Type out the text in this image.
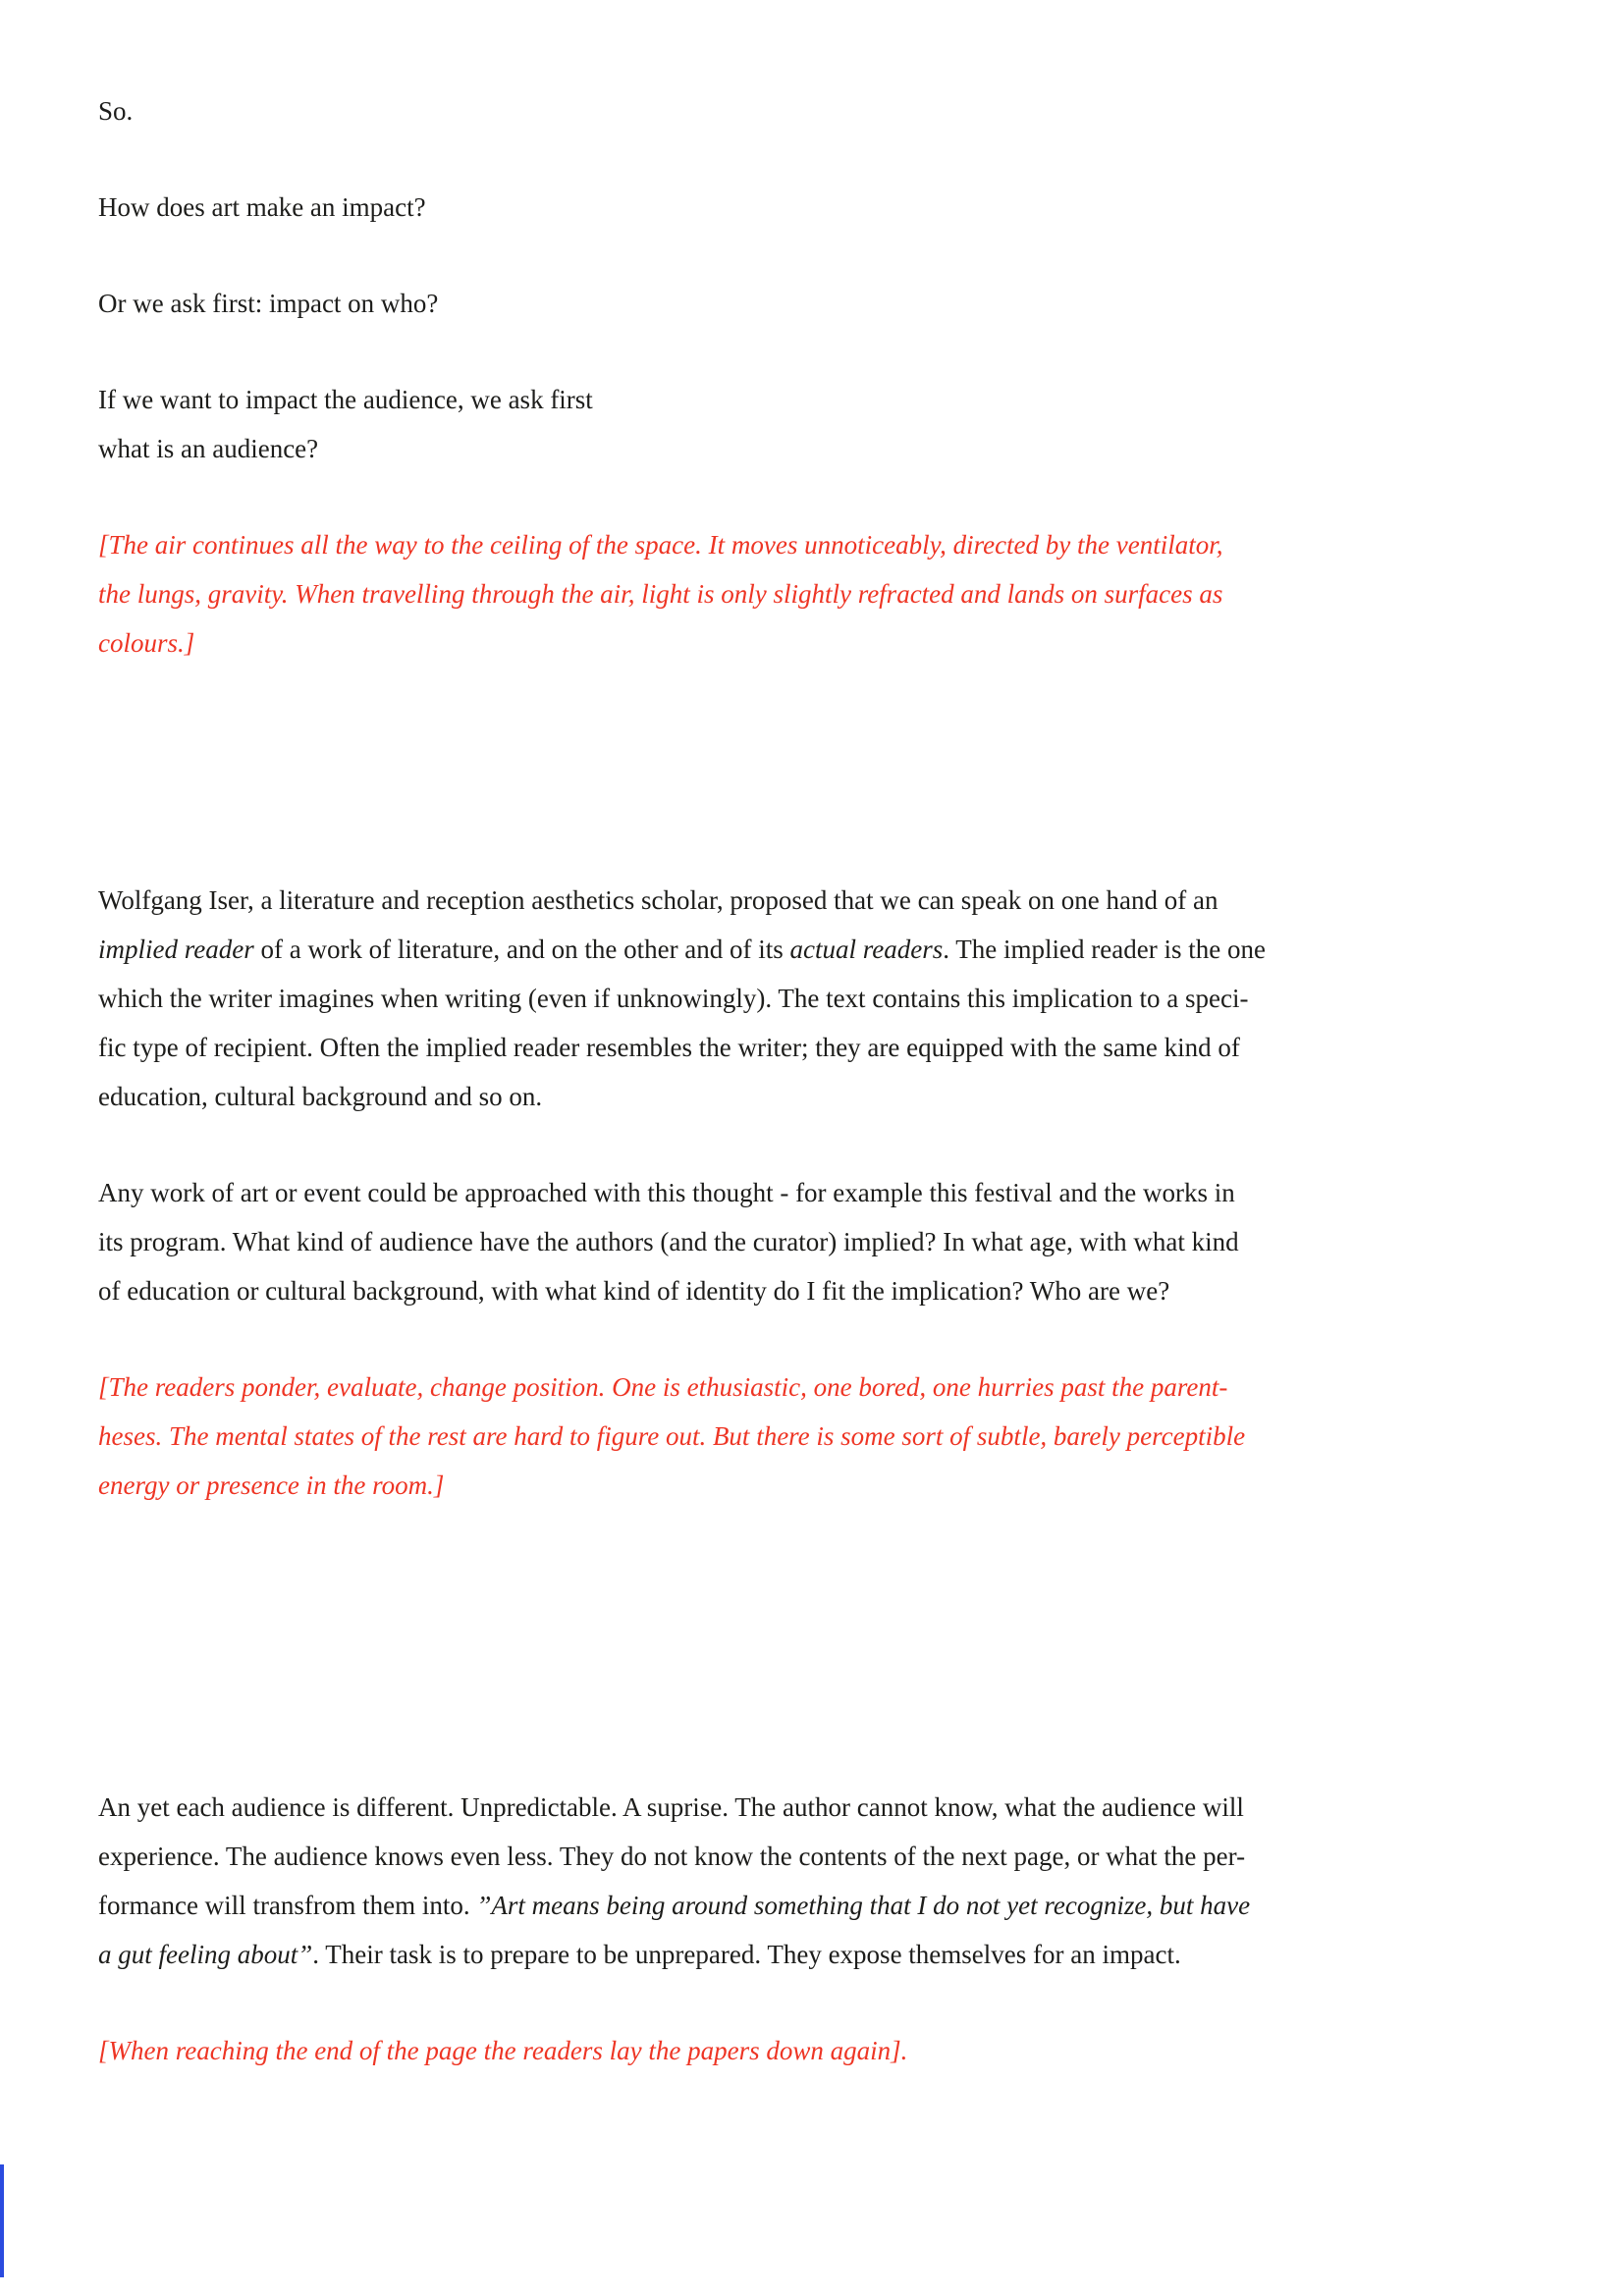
So.

How does art make an impact?

Or we ask first: impact on who?

If we want to impact the audience, we ask first
what is an audience?

[The air continues all the way to the ceiling of the space. It moves unnoticeably, directed by the ventilator,
the lungs, gravity. When travelling through the air, light is only slightly refracted and lands on surfaces as
colours.]

Wolfgang Iser, a literature and reception aesthetics scholar, proposed that we can speak on one hand of an
implied reader of a work of literature, and on the other and of its actual readers. The implied reader is the one
which the writer imagines when writing (even if unknowingly). The text contains this implication to a speci-
fic type of recipient. Often the implied reader resembles the writer; they are equipped with the same kind of
education, cultural background and so on.

Any work of art or event could be approached with this thought - for example this festival and the works in
its program. What kind of audience have the authors (and the curator) implied? In what age, with what kind
of education or cultural background, with what kind of identity do I fit the implication? Who are we?

[The readers ponder, evaluate, change position. One is ethusiastic, one bored, one hurries past the parent-
heses. The mental states of the rest are hard to figure out. But there is some sort of subtle, barely perceptible
energy or presence in the room.]

An yet each audience is different. Unpredictable. A suprise. The author cannot know, what the audience will
experience. The audience knows even less. They do not know the contents of the next page, or what the per-
formance will transfrom them into. ”Art means being around something that I do not yet recognize, but have
a gut feeling about”. Their task is to prepare to be unprepared. They expose themselves for an impact.

[When reaching the end of the page the readers lay the papers down again].
